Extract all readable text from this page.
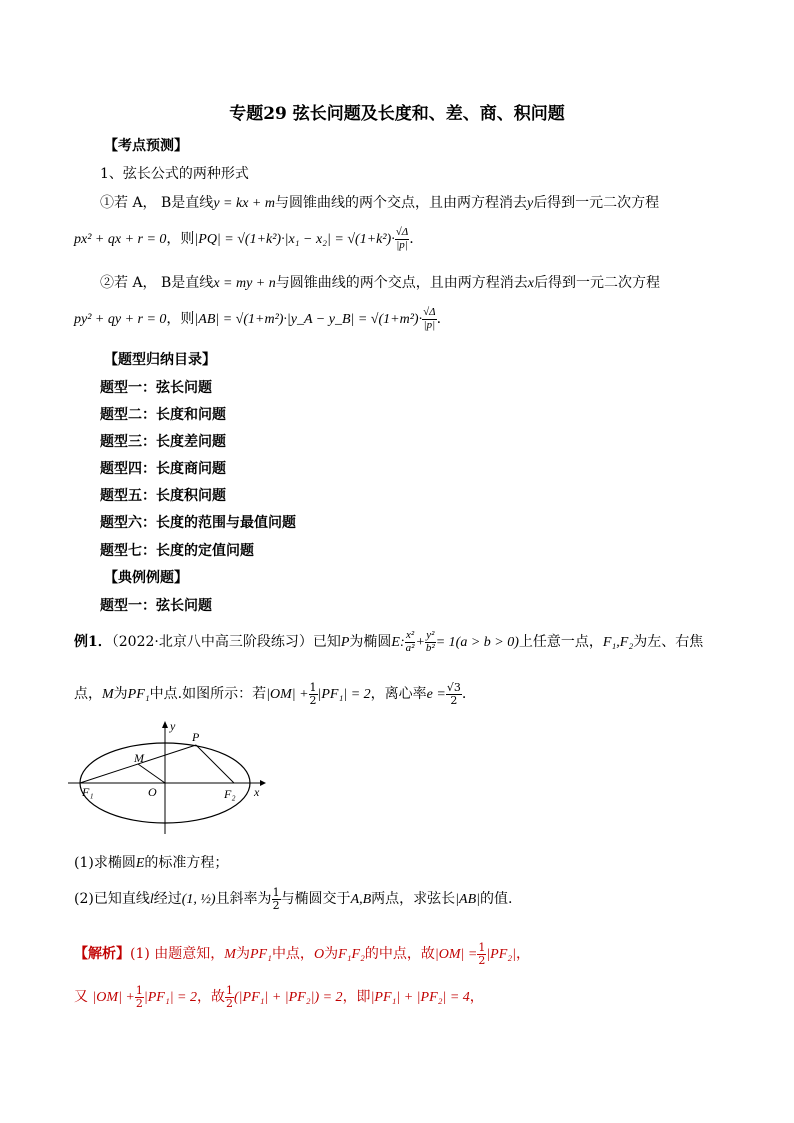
专题29 弦长问题及长度和、差、商、积问题
【考点预测】
1、弦长公式的两种形式
①若 A， B是直线y = kx + m与圆锥曲线的两个交点，且由两方程消去y后得到一元二次方程
px² + qx + r = 0，则$|PQ| = √(1+k^2)\cdot|x_1 - x_2| = √(1+k^2)\cdot \frac{√\Delta}{|p|}$ .
②若 A， B是直线x = my + n与圆锥曲线的两个交点，且由两方程消去x后得到一元二次方程
py² + qy + r = 0，则|AB| = √(1+m²)·|y_A − y_B| = $√(1+m^2)\cdot \frac{√\Delta}{|p|}$ .
【题型归纳目录】
题型一：弦长问题
题型二：长度和问题
题型三：长度差问题
题型四：长度商问题
题型五：长度积问题
题型六：长度的范围与最值问题
题型七：长度的定值问题
【典例例题】
题型一：弦长问题
例1．（2022·北京八中高三阶段练习）已知P为椭圆E: $\frac{\text{x²}}{\text{a²}} + \frac{\text{y²}}{\text{b²}} = 1(a > b > 0)$上任意一点，F₁,F₂为左、右焦
点，M为PF₁中点.如图所示：若$|OM| + \frac{1}{2} |PF_1| = 2$，离心率$e = \frac{√3}{2}$ .
y
x
P
M
O
F₁	F₂
(1)求椭圆E的标准方程；
(2)已知直线l经过(1, ½)且斜率为 $\frac{1}{2}$ 与椭圆交于A,B两点，求弦长|AB|的值.
【解析】(1) 由题意知，M为PF₁中点，O为F₁F₂的中点，故$|OM| = \frac{1}{2} |PF_2|$，
又 $|OM| + \frac{1}{2} |PF_1| = 2$，故 $\frac{1}{2} (|PF_1| + |PF_2|) = 2$，即|PF₁| + |PF₂| = 4，
